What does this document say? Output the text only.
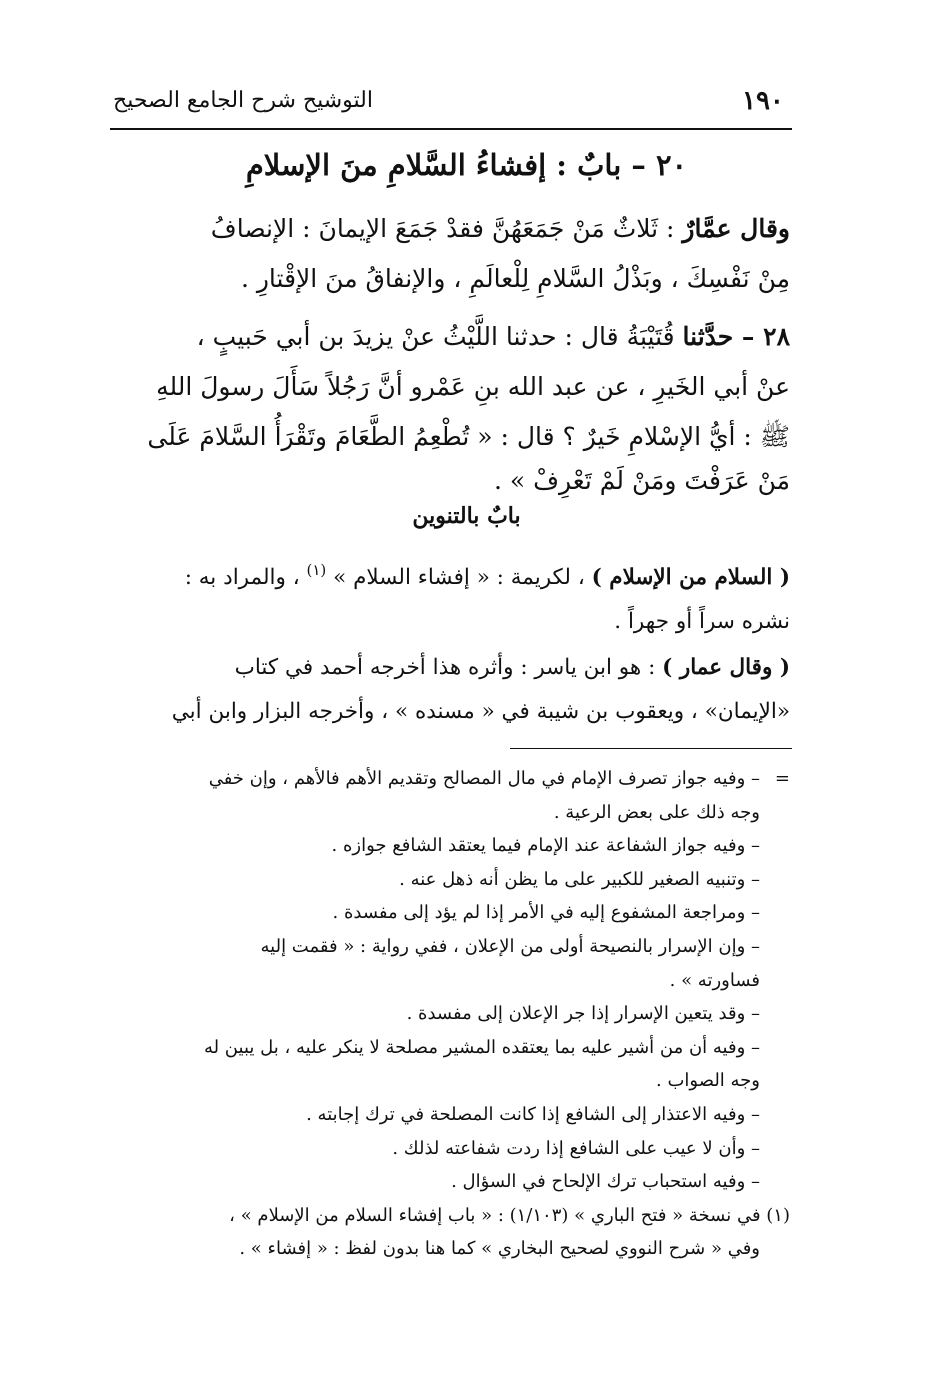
١٩٠
التوشيح شرح الجامع الصحيح
٢٠ – بابٌ : إفشاءُ السَّلامِ منَ الإسلامِ
وقال عمَّارٌ : ثَلاثٌ مَنْ جَمَعَهُنَّ فقدْ جَمَعَ الإيمانَ : الإنصافُ
مِنْ نَفْسِكَ ، وبَذْلُ السَّلامِ لِلْعالَمِ ، والإنفاقُ منَ الإقْتارِ .
٢٨ – حدَّثنا قُتَيْبَةُ قال : حدثنا اللَّيْثُ عنْ يزيدَ بن أبي حَبيبٍ ،
عنْ أبي الخَيرِ ، عن عبد الله بنِ عَمْرو أنَّ رَجُلاً سَأَلَ رسولَ اللهِ
ﷺ : أيُّ الإسْلامِ خَيرٌ ؟ قال : « تُطْعِمُ الطَّعَامَ وتَقْرَأُ السَّلامَ عَلَى
مَنْ عَرَفْتَ ومَنْ لَمْ تَعْرِفْ » .
بابٌ بالتنوين
( السلام من الإسلام ) ، لكريمة : « إفشاء السلام » $^{(١)}$ ، والمراد به :
نشره سراً أو جهراً .
( وقال عمار ) : هو ابن ياسر : وأثره هذا أخرجه أحمد في كتاب
«الإيمان» ، ويعقوب بن شيبة في « مسنده » ، وأخرجه البزار وابن أبي
=– وفيه جواز تصرف الإمام في مال المصالح وتقديم الأهم فالأهم ، وإن خفي
وجه ذلك على بعض الرعية .
– وفيه جواز الشفاعة عند الإمام فيما يعتقد الشافع جوازه .
– وتنبيه الصغير للكبير على ما يظن أنه ذهل عنه .
– ومراجعة المشفوع إليه في الأمر إذا لم يؤد إلى مفسدة .
– وإن الإسرار بالنصيحة أولى من الإعلان ، ففي رواية : « فقمت إليه
فساورته » .
– وقد يتعين الإسرار إذا جر الإعلان إلى مفسدة .
– وفيه أن من أشير عليه بما يعتقده المشير مصلحة لا ينكر عليه ، بل يبين له
وجه الصواب .
– وفيه الاعتذار إلى الشافع إذا كانت المصلحة في ترك إجابته .
– وأن لا عيب على الشافع إذا ردت شفاعته لذلك .
– وفيه استحباب ترك الإلحاح في السؤال .
(١) في نسخة « فتح الباري » (١/١٠٣) : « باب إفشاء السلام من الإسلام » ،
وفي « شرح النووي لصحيح البخاري » كما هنا بدون لفظ : « إفشاء » .
